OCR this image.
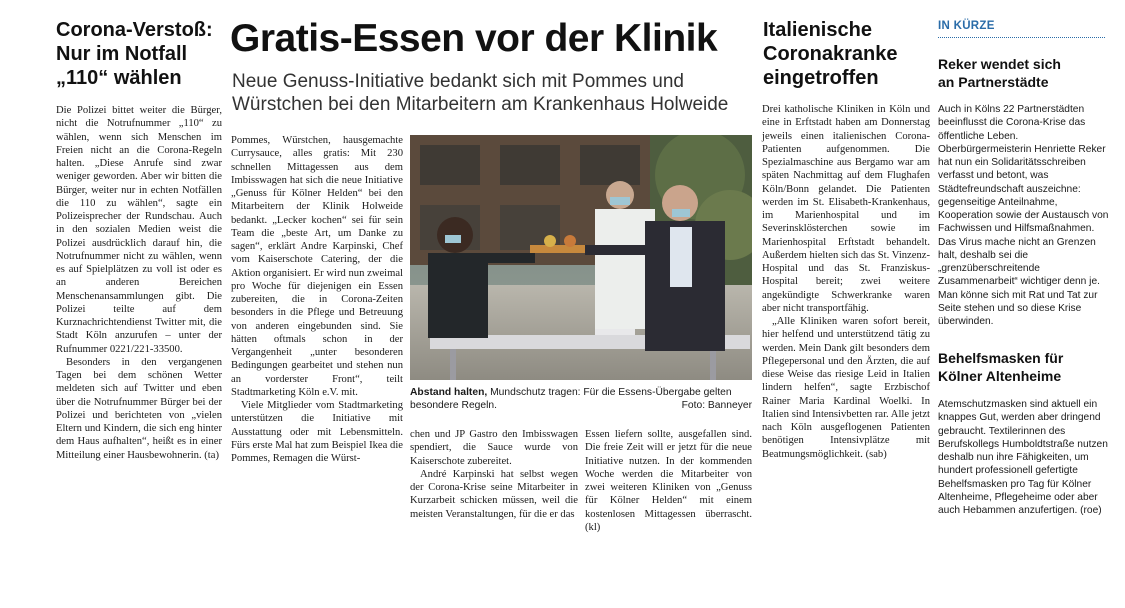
Corona-Verstoß:
Nur im Notfall
„110“ wählen

Die Polizei bittet weiter die Bürger, nicht die Notrufnummer „110“ zu wählen, wenn sich Menschen im Freien nicht an die Corona-Regeln halten. „Diese Anrufe sind zwar weniger geworden. Aber wir bitten die Bürger, weiter nur in echten Notfällen die 110 zu wählen“, sagte ein Polizeisprecher der Rundschau. Auch in den sozialen Medien weist die Polizei ausdrücklich darauf hin, die Notrufnummer nicht zu wählen, wenn es auf Spielplätzen zu voll ist oder es an anderen Bereichen Menschenansammlungen gibt. Die Polizei teilte auf dem Kurznachrichtendienst Twitter mit, die Stadt Köln anzurufen – unter der Rufnummer 0221/221-33500.

Besonders in den vergangenen Tagen bei dem schönen Wetter meldeten sich auf Twitter und eben über die Notrufnummer Bürger bei der Polizei und berichteten von „vielen Eltern und Kindern, die sich eng hinter dem Haus aufhalten“, heißt es in einer Mitteilung einer Hausbewohnerin. (ta)

Gratis-Essen vor der Klinik
Neue Genuss-Initiative bedankt sich mit Pommes und
Würstchen bei den Mitarbeitern am Krankenhaus Holweide

Pommes, Würstchen, hausgemachte Currysauce, alles gratis: Mit 230 schnellen Mittagessen aus dem Imbisswagen hat sich die neue Initiative „Genuss für Kölner Helden“ bei den Mitarbeitern der Klinik Holweide bedankt. „Lecker kochen“ sei für sein Team die „beste Art, um Danke zu sagen“, erklärt Andre Karpinski, Chef vom Kaiserschote Catering, der die Aktion organisiert. Er wird nun zweimal pro Woche für diejenigen ein Essen zubereiten, die in Corona-Zeiten besonders in die Pflege und Betreuung von anderen eingebunden sind. Sie hätten oftmals schon in der Vergangenheit „unter besonderen Bedingungen gearbeitet und stehen nun an vorderster Front“, teilt Stadtmarketing Köln e.V. mit.

Viele Mitglieder vom Stadtmarketing unterstützen die Initiative mit Ausstattung oder mit Lebensmitteln. Fürs erste Mal hat zum Beispiel Ikea die Pommes, Remagen die Würst-

Abstand halten, Mundschutz tragen: Für die Essens-Übergabe gelten besondere Regeln.	Foto: Banneyer

chen und JP Gastro den Imbisswagen spendiert, die Sauce wurde von Kaiserschote zubereitet.

André Karpinski hat selbst wegen der Corona-Krise seine Mitarbeiter in Kurzarbeit schicken müssen, weil die meisten Veranstaltungen, für die er das

Essen liefern sollte, ausgefallen sind. Die freie Zeit will er jetzt für die neue Initiative nutzen. In der kommenden Woche werden die Mitarbeiter von zwei weiteren Kliniken von „Genuss für Kölner Helden“ mit einem kostenlosen Mittagessen überrascht. (kl)

Italienische
Coronakranke
eingetroffen

Drei katholische Kliniken in Köln und eine in Erftstadt haben am Donnerstag jeweils einen italienischen Corona-Patienten aufgenommen. Die Spezialmaschine aus Bergamo war am späten Nachmittag auf dem Flughafen Köln/Bonn gelandet. Die Patienten werden im St. Elisabeth-Krankenhaus, im Marienhospital und im Severinsklösterchen sowie im Marienhospital Erftstadt behandelt. Außerdem hielten sich das St. Vinzenz-Hospital und das St. Franziskus-Hospital bereit; zwei weitere angekündigte Schwerkranke waren aber nicht transportfähig.

„Alle Kliniken waren sofort bereit, hier helfend und unterstützend tätig zu werden. Mein Dank gilt besonders dem Pflegepersonal und den Ärzten, die auf diese Weise das riesige Leid in Italien lindern helfen“, sagte Erzbischof Rainer Maria Kardinal Woelki. In Italien sind Intensivbetten rar. Alle jetzt nach Köln ausgeflogenen Patienten benötigen Intensivplätze mit Beatmungsmöglichkeit. (sab)

IN KÜRZE
Reker wendet sich
an Partnerstädte
Auch in Kölns 22 Partnerstädten beeinflusst die Corona-Krise das öffentliche Leben. Oberbürgermeisterin Henriette Reker hat nun ein Solidaritätsschreiben verfasst und betont, was Städtefreundschaft auszeichne: gegenseitige Anteilnahme, Kooperation sowie der Austausch von Fachwissen und Hilfsmaßnahmen. Das Virus mache nicht an Grenzen halt, deshalb sei die „grenzüberschreitende Zusammenarbeit“ wichtiger denn je. Man könne sich mit Rat und Tat zur Seite stehen und so diese Krise überwinden.
Behelfsmasken für
Kölner Altenheime
Atemschutzmasken sind aktuell ein knappes Gut, werden aber dringend gebraucht. Textilerinnen des Berufskollegs Humboldtstraße nutzen deshalb nun ihre Fähigkeiten, um hundert professionell gefertigte Behelfsmasken pro Tag für Kölner Altenheime, Pflegeheime oder aber auch Hebammen anzufertigen. (roe)
